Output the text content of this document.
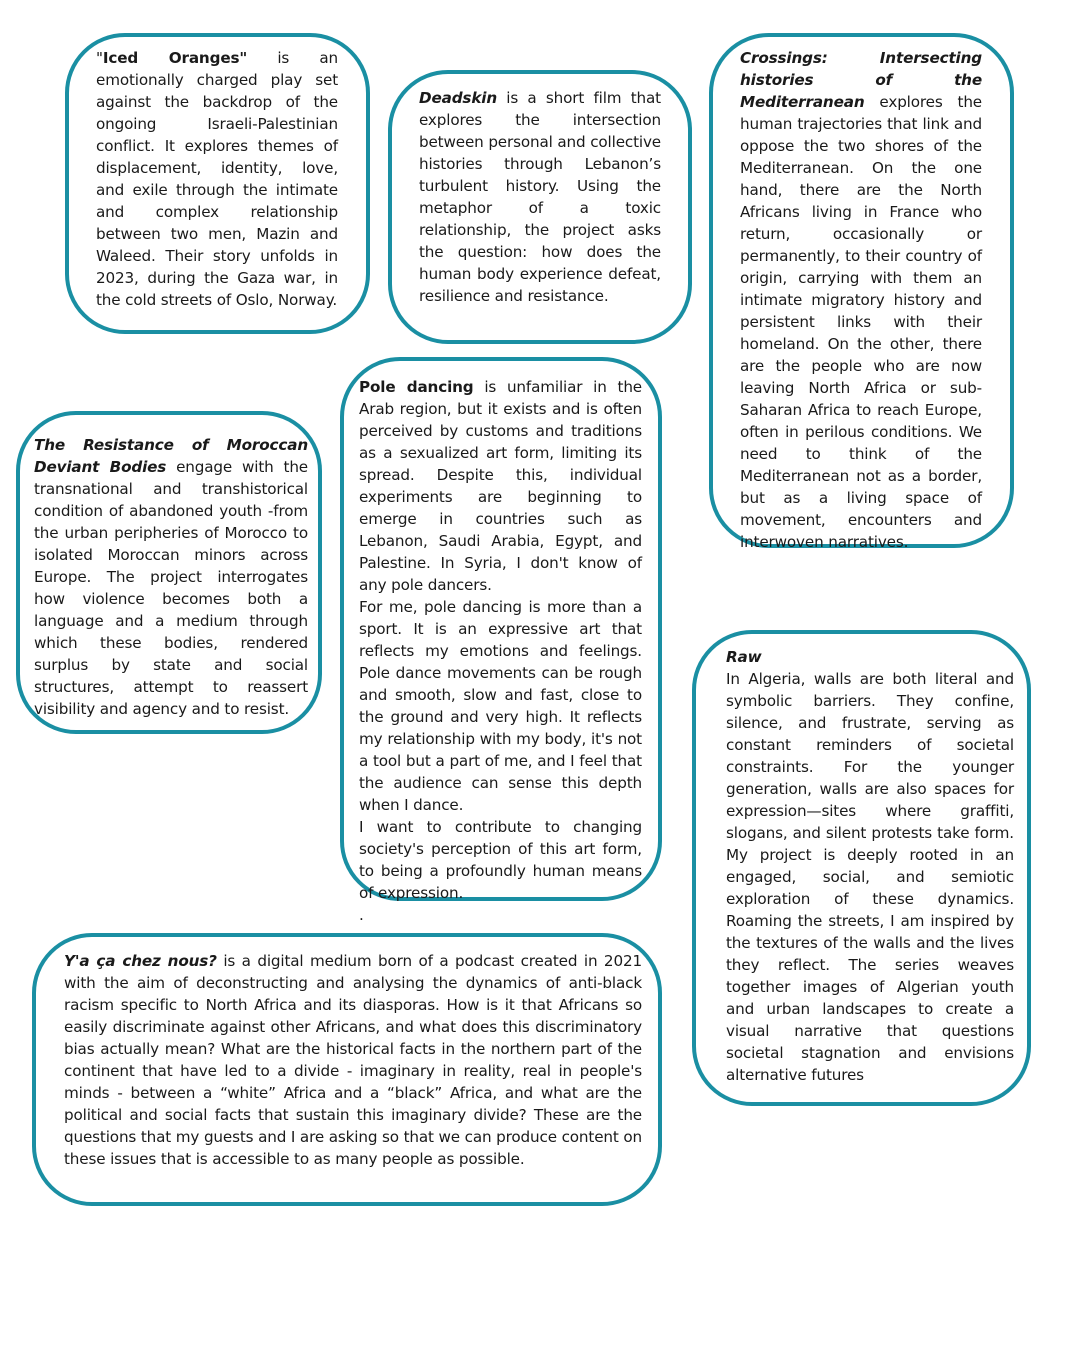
"Iced Oranges" is an emotionally charged play set against the backdrop of the ongoing Israeli-Palestinian conflict. It explores themes of displacement, identity, love, and exile through the intimate and complex relationship between two men, Mazin and Waleed. Their story unfolds in 2023, during the Gaza war, in the cold streets of Oslo, Norway.

Deadskin is a short film that explores the intersection between personal and collective histories through Lebanon’s turbulent history. Using the metaphor of a toxic relationship, the project asks the question: how does the human body experience defeat, resilience and resistance.

Crossings: Intersecting histories of the Mediterranean explores the human trajectories that link and oppose the two shores of the Mediterranean. On the one hand, there are the North Africans living in France who return, occasionally or permanently, to their country of origin, carrying with them an intimate migratory history and persistent links with their homeland. On the other, there are the people who are now leaving North Africa or sub-Saharan Africa to reach Europe, often in perilous conditions. We need to think of the Mediterranean not as a border, but as a living space of movement, encounters and interwoven narratives.

The Resistance of Moroccan Deviant Bodies engage with the transnational and transhistorical condition of abandoned youth -from the urban peripheries of Morocco to isolated Moroccan minors across Europe. The project interrogates how violence becomes both a language and a medium through which these bodies, rendered surplus by state and social structures, attempt to reassert visibility and agency and to resist.

Pole dancing is unfamiliar in the Arab region, but it exists and is often perceived by customs and traditions as a sexualized art form, limiting its spread. Despite this, individual experiments are beginning to emerge in countries such as Lebanon, Saudi Arabia, Egypt, and Palestine. In Syria, I don't know of any pole dancers.

For me, pole dancing is more than a sport. It is an expressive art that reflects my emotions and feelings. Pole dance movements can be rough and smooth, slow and fast, close to the ground and very high. It reflects my relationship with my body, it's not a tool but a part of me, and I feel that the audience can sense this depth when I dance.

I want to contribute to changing society's perception of this art form, to being a profoundly human means of expression.

.

Raw

In Algeria, walls are both literal and symbolic barriers. They confine, silence, and frustrate, serving as constant reminders of societal constraints. For the younger generation, walls are also spaces for expression—sites where graffiti, slogans, and silent protests take form. My project is deeply rooted in an engaged, social, and semiotic exploration of these dynamics. Roaming the streets, I am inspired by the textures of the walls and the lives they reflect. The series weaves together images of Algerian youth and urban landscapes to create a visual narrative that questions societal stagnation and envisions alternative futures

Y'a ça chez nous? is a digital medium born of a podcast created in 2021 with the aim of deconstructing and analysing the dynamics of anti-black racism specific to North Africa and its diasporas. How is it that Africans so easily discriminate against other Africans, and what does this discriminatory bias actually mean? What are the historical facts in the northern part of the continent that have led to a divide - imaginary in reality, real in people's minds - between a “white” Africa and a “black” Africa, and what are the political and social facts that sustain this imaginary divide? These are the questions that my guests and I are asking so that we can produce content on these issues that is accessible to as many people as possible.
